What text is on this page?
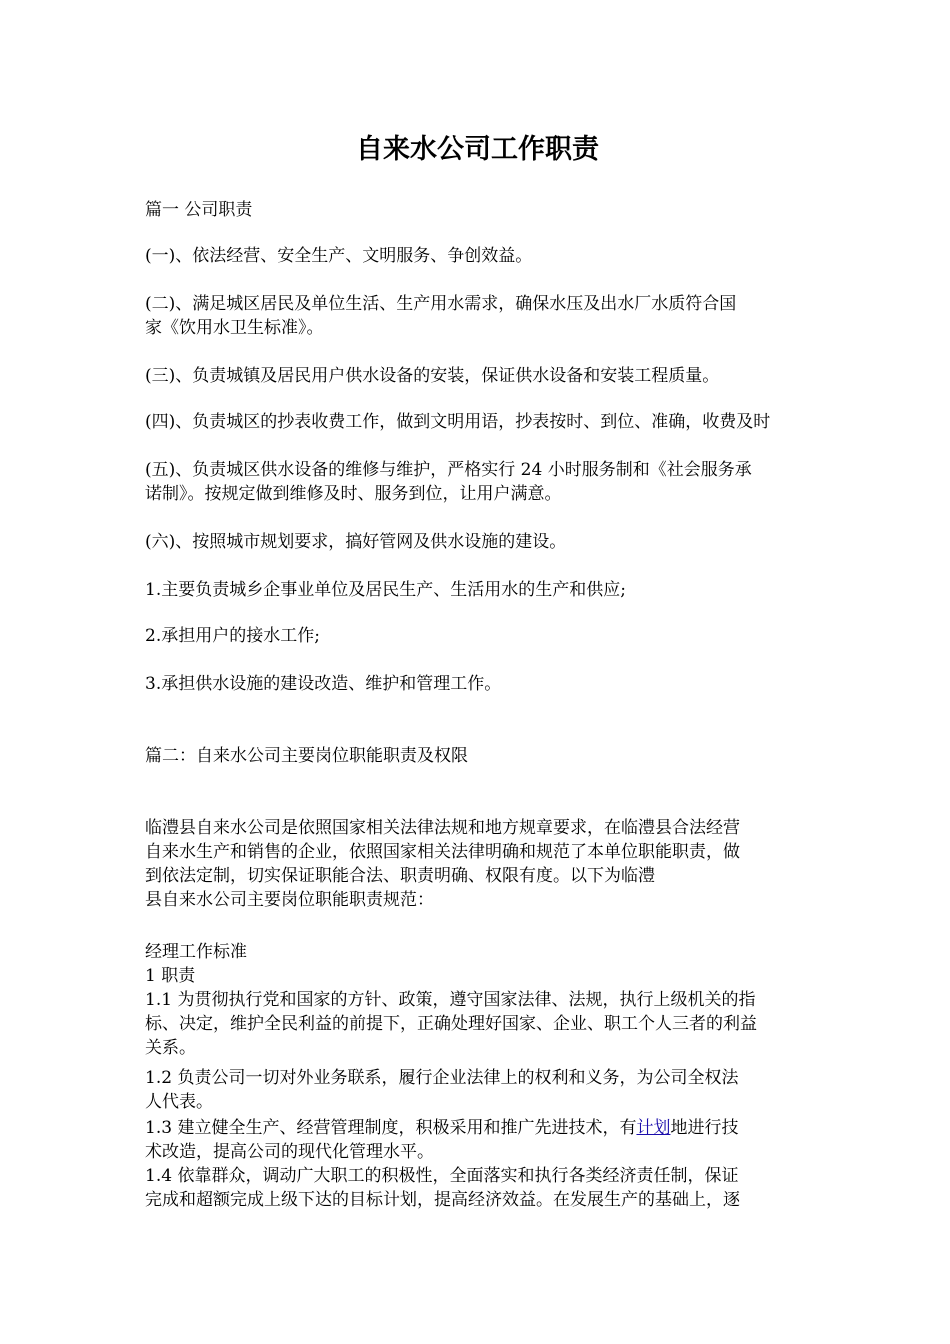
自来水公司工作职责

篇一 公司职责

(一)、依法经营、安全生产、文明服务、争创效益。

(二)、满足城区居民及单位生活、生产用水需求，确保水压及出水厂水质符合国
家《饮用水卫生标准》。

(三)、负责城镇及居民用户供水设备的安装，保证供水设备和安装工程质量。

(四)、负责城区的抄表收费工作，做到文明用语，抄表按时、到位、准确，收费及时

(五)、负责城区供水设备的维修与维护，严格实行 24 小时服务制和《社会服务承
诺制》。按规定做到维修及时、服务到位，让用户满意。

(六)、按照城市规划要求，搞好管网及供水设施的建设。

1.主要负责城乡企事业单位及居民生产、生活用水的生产和供应;

2.承担用户的接水工作;

3.承担供水设施的建设改造、维护和管理工作。

篇二：自来水公司主要岗位职能职责及权限

临澧县自来水公司是依照国家相关法律法规和地方规章要求，在临澧县合法经营
自来水生产和销售的企业，依照国家相关法律明确和规范了本单位职能职责，做
到依法定制，切实保证职能合法、职责明确、权限有度。以下为临澧
县自来水公司主要岗位职能职责规范：

经理工作标准

1 职责

1.1 为贯彻执行党和国家的方针、政策，遵守国家法律、法规，执行上级机关的指
标、决定，维护全民利益的前提下，正确处理好国家、企业、职工个人三者的利益
关系。

1.2 负责公司一切对外业务联系，履行企业法律上的权利和义务，为公司全权法
人代表。

1.3 建立健全生产、经营管理制度，积极采用和推广先进技术，有计划地进行技
术改造，提高公司的现代化管理水平。

1.4 依靠群众，调动广大职工的积极性，全面落实和执行各类经济责任制，保证
完成和超额完成上级下达的目标计划，提高经济效益。在发展生产的基础上，逐
